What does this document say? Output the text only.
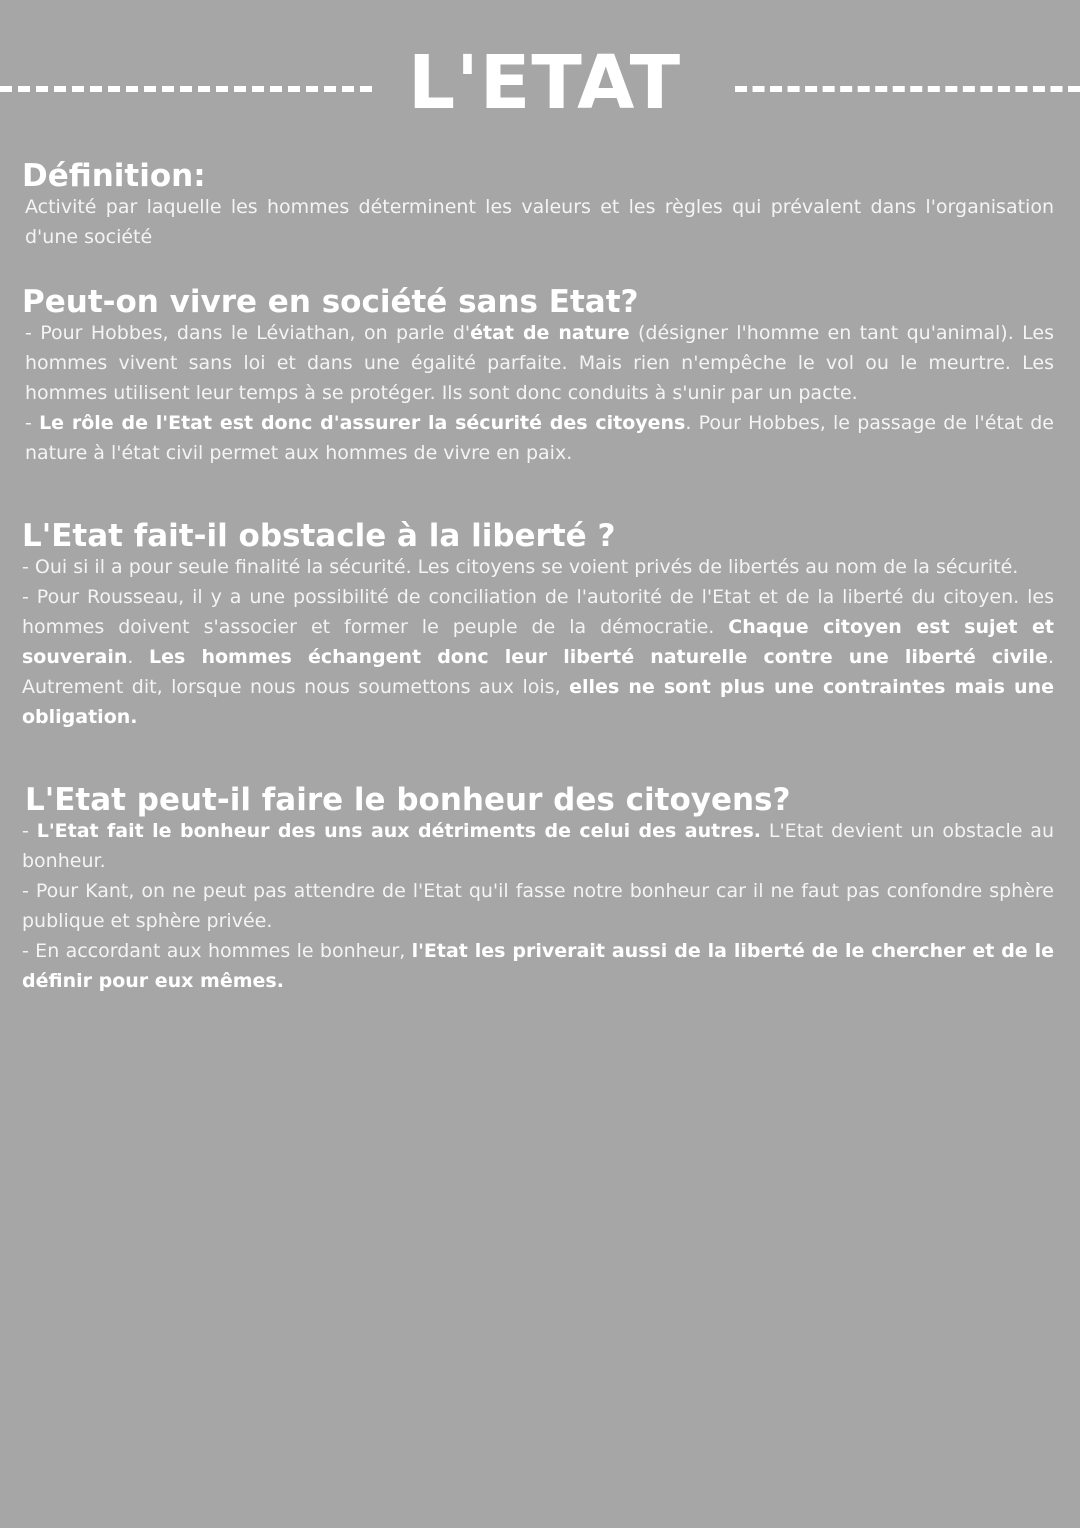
L'ETAT
Définition:

Activité par laquelle les hommes déterminent les valeurs et les règles qui prévalent dans l'organisation d'une société

Peut-on vivre en société sans Etat?

- Pour Hobbes, dans le Léviathan, on parle d'état de nature (désigner l'homme en tant qu'animal). Les hommes vivent sans loi et dans une égalité parfaite. Mais rien n'empêche le vol ou le meurtre. Les hommes utilisent leur temps à se protéger. Ils sont donc conduits à s'unir par un pacte.

- Le rôle de l'Etat est donc d'assurer la sécurité des citoyens. Pour Hobbes, le passage de l'état de nature à l'état civil permet aux hommes de vivre en paix.

L'Etat fait-il obstacle à la liberté ?

- Oui si il a pour seule finalité la sécurité. Les citoyens se voient privés de libertés au nom de la sécurité.

- Pour Rousseau, il y a une possibilité de conciliation de l'autorité de l'Etat et de la liberté du citoyen. les hommes doivent s'associer et former le peuple de la démocratie. Chaque citoyen est sujet et souverain. Les hommes échangent donc leur liberté naturelle contre une liberté civile. Autrement dit, lorsque nous nous soumettons aux lois, elles ne sont plus une contraintes mais une obligation.

L'Etat peut-il faire le bonheur des citoyens?

- L'Etat fait le bonheur des uns aux détriments de celui des autres. L'Etat devient un obstacle au bonheur.

- Pour Kant, on ne peut pas attendre de l'Etat qu'il fasse notre bonheur car il ne faut pas confondre sphère publique et sphère privée.

- En accordant aux hommes le bonheur, l'Etat les priverait aussi de la liberté de le chercher et de le définir pour eux mêmes.
